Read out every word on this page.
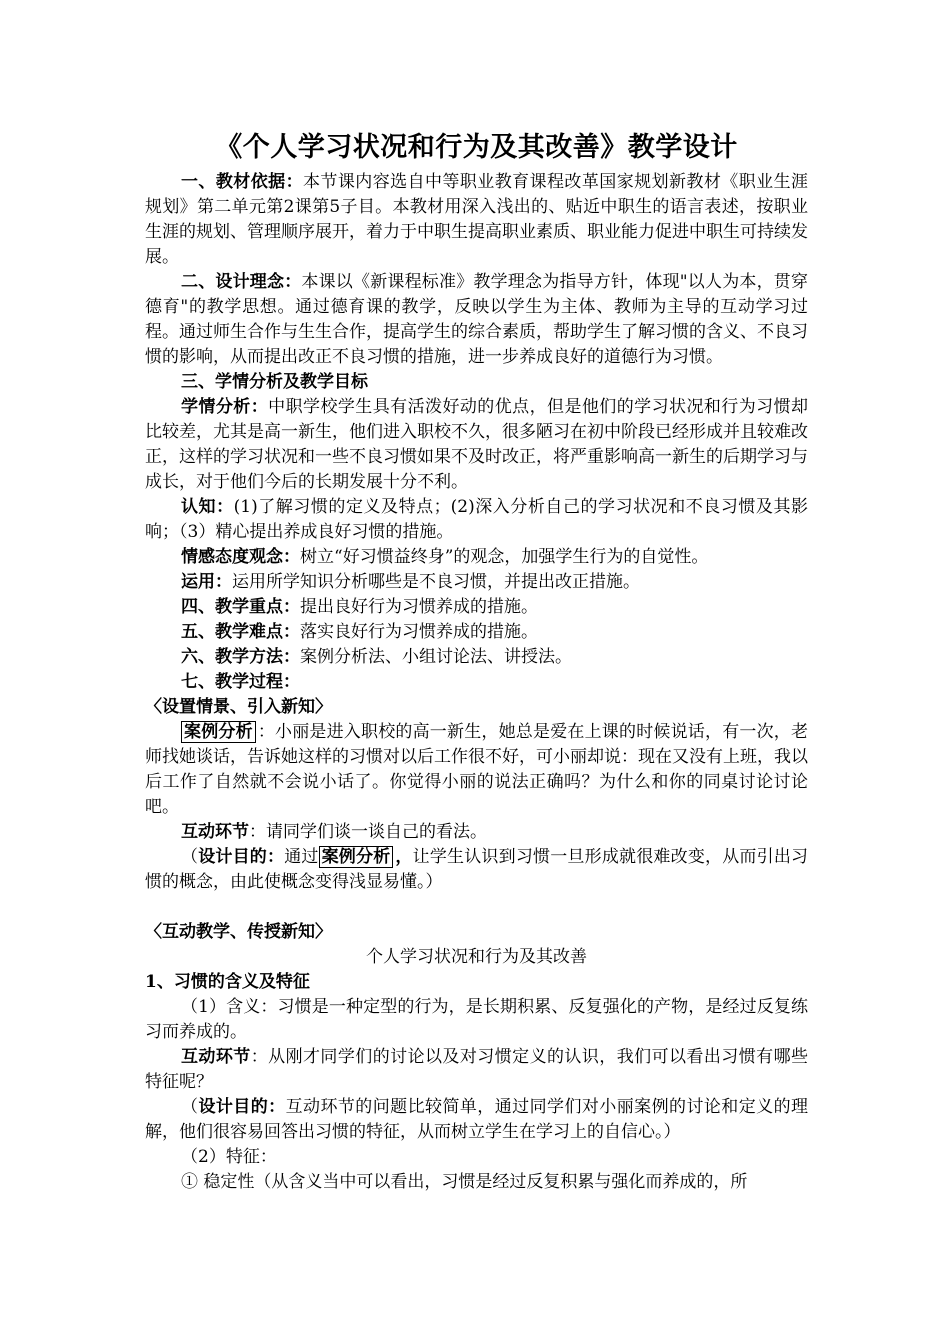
《个人学习状况和行为及其改善》教学设计

一、教材依据：本节课内容选自中等职业教育课程改革国家规划新教材《职业生涯规划》第二单元第2课第5子目。本教材用深入浅出的、贴近中职生的语言表述，按职业生涯的规划、管理顺序展开，着力于中职生提高职业素质、职业能力促进中职生可持续发展。

二、设计理念：本课以《新课程标准》教学理念为指导方针，体现"以人为本，贯穿德育"的教学思想。通过德育课的教学，反映以学生为主体、教师为主导的互动学习过程。通过师生合作与生生合作，提高学生的综合素质，帮助学生了解习惯的含义、不良习惯的影响，从而提出改正不良习惯的措施，进一步养成良好的道德行为习惯。

三、学情分析及教学目标

学情分析：中职学校学生具有活泼好动的优点，但是他们的学习状况和行为习惯却比较差，尤其是高一新生，他们进入职校不久，很多陋习在初中阶段已经形成并且较难改正，这样的学习状况和一些不良习惯如果不及时改正，将严重影响高一新生的后期学习与成长，对于他们今后的长期发展十分不利。

认知：(1)了解习惯的定义及特点；(2)深入分析自己的学习状况和不良习惯及其影响；（3）精心提出养成良好习惯的措施。

情感态度观念：树立“好习惯益终身”的观念，加强学生行为的自觉性。

运用：运用所学知识分析哪些是不良习惯，并提出改正措施。

四、教学重点：提出良好行为习惯养成的措施。

五、教学难点：落实良好行为习惯养成的措施。

六、教学方法：案例分析法、小组讨论法、讲授法。

七、教学过程：

〈设置情景、引入新知〉

案例分析 ：小丽是进入职校的高一新生，她总是爱在上课的时候说话，有一次，老师找她谈话，告诉她这样的习惯对以后工作很不好，可小丽却说：现在又没有上班，我以后工作了自然就不会说小话了。你觉得小丽的说法正确吗？为什么和你的同桌讨论讨论吧。

互动环节：请同学们谈一谈自己的看法。

（设计目的：通过 案例分析 ，让学生认识到习惯一旦形成就很难改变，从而引出习惯的概念，由此使概念变得浅显易懂。）

〈互动教学、传授新知〉

个人学习状况和行为及其改善

1、习惯的含义及特征

（1）含义：习惯是一种定型的行为，是长期积累、反复强化的产物，是经过反复练习而养成的。

互动环节：从刚才同学们的讨论以及对习惯定义的认识，我们可以看出习惯有哪些特征呢？

（设计目的：互动环节的问题比较简单，通过同学们对小丽案例的讨论和定义的理解，他们很容易回答出习惯的特征，从而树立学生在学习上的自信心。）

（2）特征：

① 稳定性（从含义当中可以看出，习惯是经过反复积累与强化而养成的，所
